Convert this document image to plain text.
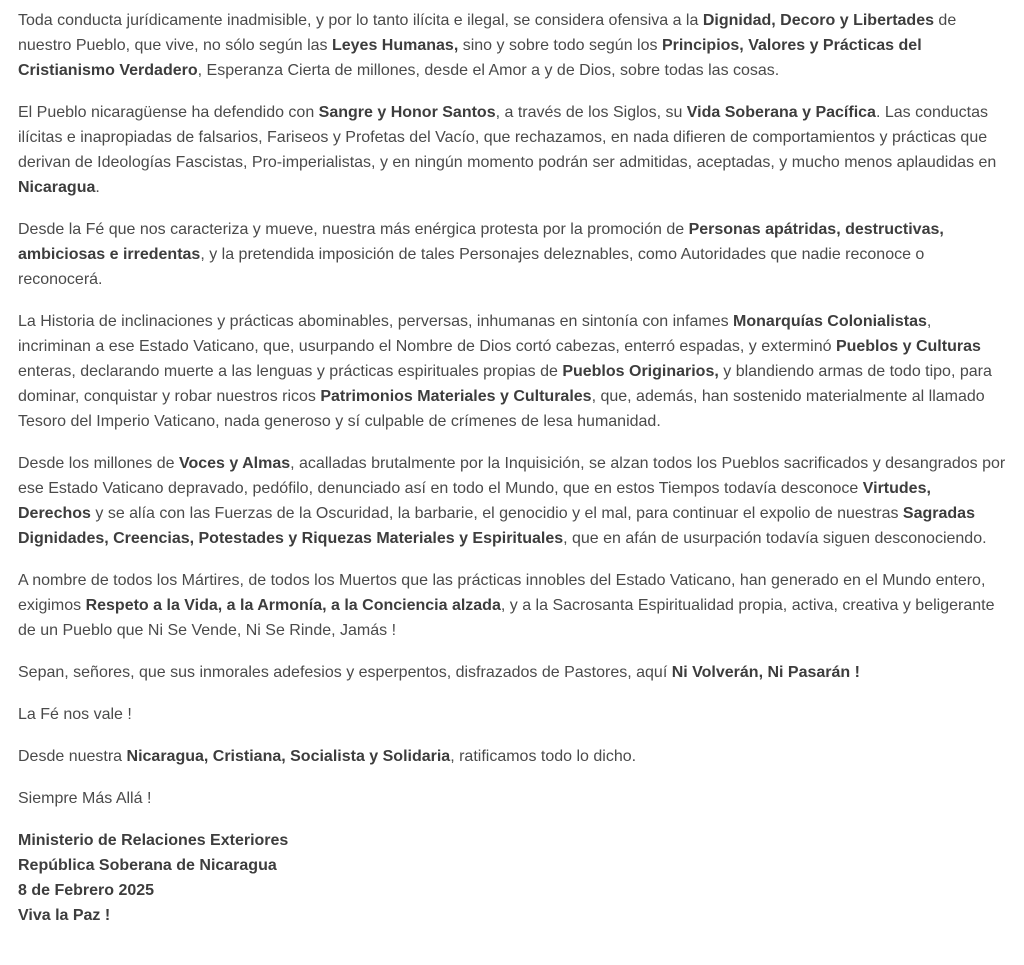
Toda conducta jurídicamente inadmisible, y por lo tanto ilícita e ilegal, se considera ofensiva a la Dignidad, Decoro y Libertades de nuestro Pueblo, que vive, no sólo según las Leyes Humanas, sino y sobre todo según los Principios, Valores y Prácticas del Cristianismo Verdadero, Esperanza Cierta de millones, desde el Amor a y de Dios, sobre todas las cosas.

El Pueblo nicaragüense ha defendido con Sangre y Honor Santos, a través de los Siglos, su Vida Soberana y Pacífica. Las conductas ilícitas e inapropiadas de falsarios, Fariseos y Profetas del Vacío, que rechazamos, en nada difieren de comportamientos y prácticas que derivan de Ideologías Fascistas, Pro-imperialistas, y en ningún momento podrán ser admitidas, aceptadas, y mucho menos aplaudidas en Nicaragua.

Desde la Fé que nos caracteriza y mueve, nuestra más enérgica protesta por la promoción de Personas apátridas, destructivas, ambiciosas e irredentas, y la pretendida imposición de tales Personajes deleznables, como Autoridades que nadie reconoce o reconocerá.

La Historia de inclinaciones y prácticas abominables, perversas, inhumanas en sintonía con infames Monarquías Colonialistas, incriminan a ese Estado Vaticano, que, usurpando el Nombre de Dios cortó cabezas, enterró espadas, y exterminó Pueblos y Culturas enteras, declarando muerte a las lenguas y prácticas espirituales propias de Pueblos Originarios, y blandiendo armas de todo tipo, para dominar, conquistar y robar nuestros ricos Patrimonios Materiales y Culturales, que, además, han sostenido materialmente al llamado Tesoro del Imperio Vaticano, nada generoso y sí culpable de crímenes de lesa humanidad.

Desde los millones de Voces y Almas, acalladas brutalmente por la Inquisición, se alzan todos los Pueblos sacrificados y desangrados por ese Estado Vaticano depravado, pedófilo, denunciado así en todo el Mundo, que en estos Tiempos todavía desconoce Virtudes, Derechos y se alía con las Fuerzas de la Oscuridad, la barbarie, el genocidio y el mal, para continuar el expolio de nuestras Sagradas Dignidades, Creencias, Potestades y Riquezas Materiales y Espirituales, que en afán de usurpación todavía siguen desconociendo.

A nombre de todos los Mártires, de todos los Muertos que las prácticas innobles del Estado Vaticano, han generado en el Mundo entero, exigimos Respeto a la Vida, a la Armonía, a la Conciencia alzada, y a la Sacrosanta Espiritualidad propia, activa, creativa y beligerante de un Pueblo que Ni Se Vende, Ni Se Rinde, Jamás !

Sepan, señores, que sus inmorales adefesios y esperpentos, disfrazados de Pastores, aquí Ni Volverán, Ni Pasarán !

La Fé nos vale !

Desde nuestra Nicaragua, Cristiana, Socialista y Solidaria, ratificamos todo lo dicho.

Siempre Más Allá !

Ministerio de Relaciones Exteriores

República Soberana de Nicaragua

8 de Febrero 2025

Viva la Paz !
